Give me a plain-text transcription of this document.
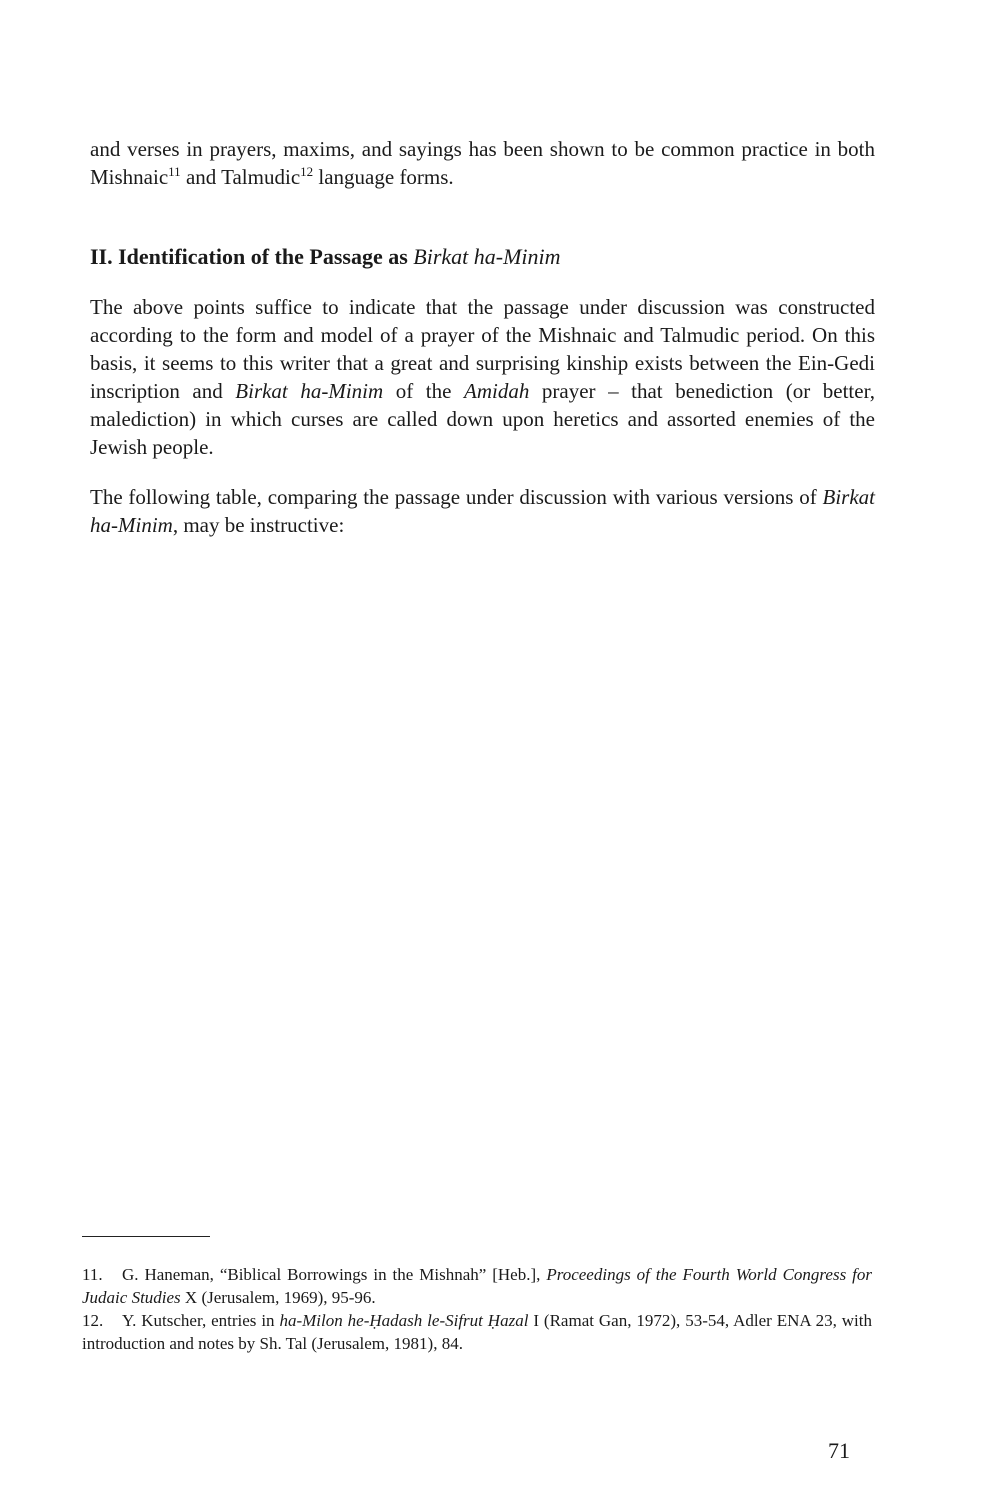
and verses in prayers, maxims, and sayings has been shown to be common practice in both Mishnaic$^{11}$ and Talmudic$^{12}$ language forms.

II. Identification of the Passage as Birkat ha-Minim

The above points suffice to indicate that the passage under discussion was constructed according to the form and model of a prayer of the Mishnaic and Talmudic period. On this basis, it seems to this writer that a great and surprising kinship exists between the Ein-Gedi inscription and Birkat ha-Minim of the Amidah prayer – that benediction (or better, malediction) in which curses are called down upon heretics and assorted enemies of the Jewish people.

The following table, comparing the passage under discussion with various versions of Birkat ha-Minim, may be instructive:

11. G. Haneman, “Biblical Borrowings in the Mishnah” [Heb.], Proceedings of the Fourth World Congress for Judaic Studies X (Jerusalem, 1969), 95-96.

12. Y. Kutscher, entries in ha-Milon he-Ḥadash le-Sifrut Ḥazal I (Ramat Gan, 1972), 53-54, Adler ENA 23, with introduction and notes by Sh. Tal (Jerusalem, 1981), 84.

71
